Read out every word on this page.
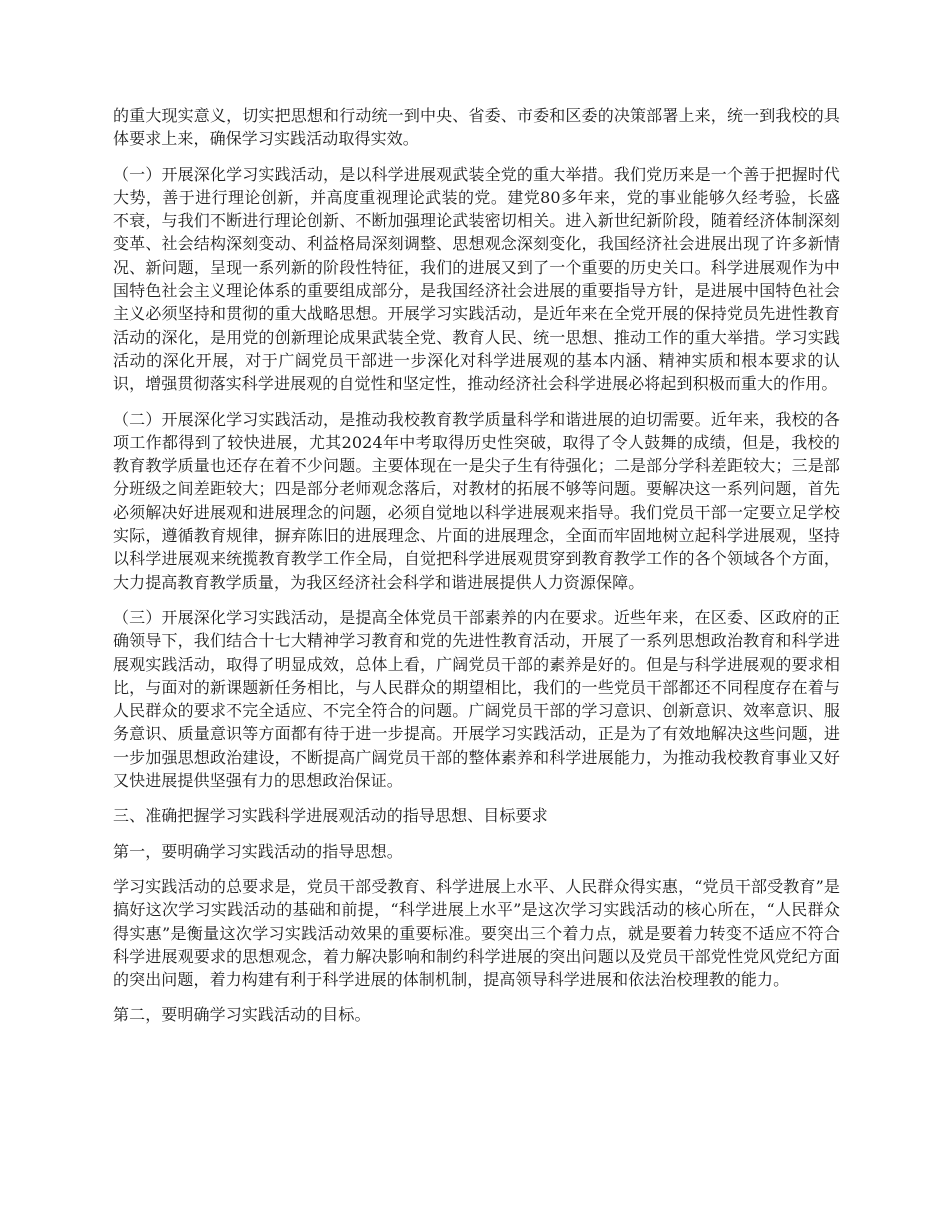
的重大现实意义，切实把思想和行动统一到中央、省委、市委和区委的决策部署上来，统一到我校的具体要求上来，确保学习实践活动取得实效。

（一）开展深化学习实践活动，是以科学进展观武装全党的重大举措。我们党历来是一个善于把握时代大势，善于进行理论创新，并高度重视理论武装的党。建党80多年来，党的事业能够久经考验，长盛不衰，与我们不断进行理论创新、不断加强理论武装密切相关。进入新世纪新阶段，随着经济体制深刻变革、社会结构深刻变动、利益格局深刻调整、思想观念深刻变化，我国经济社会进展出现了许多新情况、新问题，呈现一系列新的阶段性特征，我们的进展又到了一个重要的历史关口。科学进展观作为中国特色社会主义理论体系的重要组成部分，是我国经济社会进展的重要指导方针，是进展中国特色社会主义必须坚持和贯彻的重大战略思想。开展学习实践活动，是近年来在全党开展的保持党员先进性教育活动的深化，是用党的创新理论成果武装全党、教育人民、统一思想、推动工作的重大举措。学习实践活动的深化开展，对于广阔党员干部进一步深化对科学进展观的基本内涵、精神实质和根本要求的认识，增强贯彻落实科学进展观的自觉性和坚定性，推动经济社会科学进展必将起到积极而重大的作用。

（二）开展深化学习实践活动，是推动我校教育教学质量科学和谐进展的迫切需要。近年来，我校的各项工作都得到了较快进展，尤其2024年中考取得历史性突破，取得了令人鼓舞的成绩，但是，我校的教育教学质量也还存在着不少问题。主要体现在一是尖子生有待强化；二是部分学科差距较大；三是部分班级之间差距较大；四是部分老师观念落后，对教材的拓展不够等问题。要解决这一系列问题，首先必须解决好进展观和进展理念的问题，必须自觉地以科学进展观来指导。我们党员干部一定要立足学校实际，遵循教育规律，摒弃陈旧的进展理念、片面的进展理念，全面而牢固地树立起科学进展观，坚持以科学进展观来统揽教育教学工作全局，自觉把科学进展观贯穿到教育教学工作的各个领域各个方面，大力提高教育教学质量，为我区经济社会科学和谐进展提供人力资源保障。

（三）开展深化学习实践活动，是提高全体党员干部素养的内在要求。近些年来，在区委、区政府的正确领导下，我们结合十七大精神学习教育和党的先进性教育活动，开展了一系列思想政治教育和科学进展观实践活动，取得了明显成效，总体上看，广阔党员干部的素养是好的。但是与科学进展观的要求相比，与面对的新课题新任务相比，与人民群众的期望相比，我们的一些党员干部都还不同程度存在着与人民群众的要求不完全适应、不完全符合的问题。广阔党员干部的学习意识、创新意识、效率意识、服务意识、质量意识等方面都有待于进一步提高。开展学习实践活动，正是为了有效地解决这些问题，进一步加强思想政治建设，不断提高广阔党员干部的整体素养和科学进展能力，为推动我校教育事业又好又快进展提供坚强有力的思想政治保证。

三、准确把握学习实践科学进展观活动的指导思想、目标要求

第一，要明确学习实践活动的指导思想。

学习实践活动的总要求是，党员干部受教育、科学进展上水平、人民群众得实惠，“党员干部受教育”是搞好这次学习实践活动的基础和前提，“科学进展上水平”是这次学习实践活动的核心所在，“人民群众得实惠”是衡量这次学习实践活动效果的重要标准。要突出三个着力点，就是要着力转变不适应不符合科学进展观要求的思想观念，着力解决影响和制约科学进展的突出问题以及党员干部党性党风党纪方面的突出问题，着力构建有利于科学进展的体制机制，提高领导科学进展和依法治校理教的能力。

第二，要明确学习实践活动的目标。
